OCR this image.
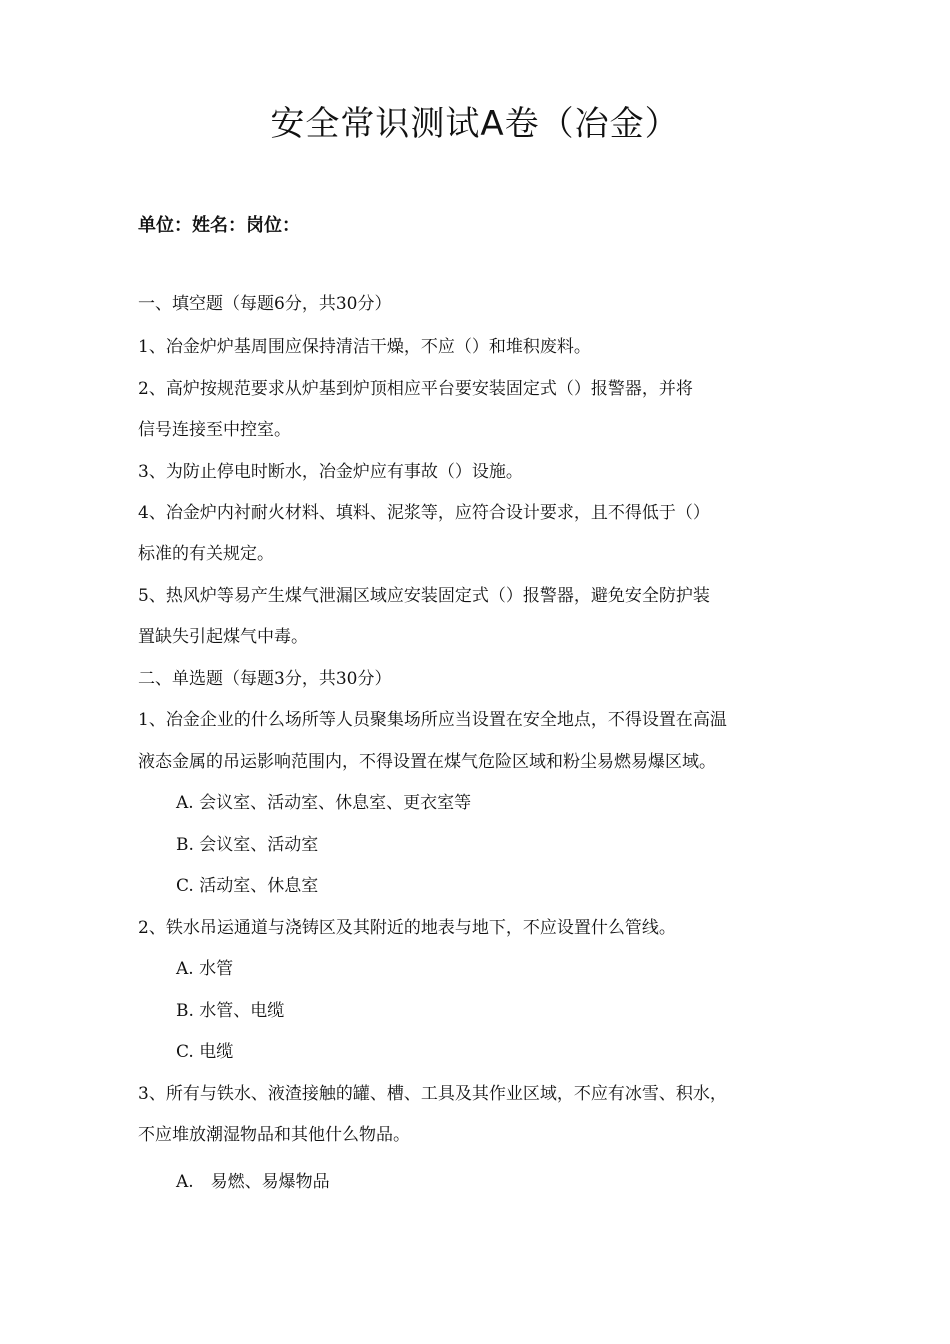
安全常识测试A卷（冶金）
单位：姓名：岗位：
一、填空题（每题6分，共30分）
1、冶金炉炉基周围应保持清洁干燥，不应（）和堆积废料。
2、高炉按规范要求从炉基到炉顶相应平台要安装固定式（）报警器，并将
信号连接至中控室。
3、为防止停电时断水，冶金炉应有事故（）设施。
4、冶金炉内衬耐火材料、填料、泥浆等，应符合设计要求，且不得低于（）
标准的有关规定。
5、热风炉等易产生煤气泄漏区域应安装固定式（）报警器，避免安全防护装
置缺失引起煤气中毒。
二、单选题（每题3分，共30分）
1、冶金企业的什么场所等人员聚集场所应当设置在安全地点，不得设置在高温
液态金属的吊运影响范围内，不得设置在煤气危险区域和粉尘易燃易爆区域。
A. 会议室、活动室、休息室、更衣室等
B. 会议室、活动室
C. 活动室、休息室
2、铁水吊运通道与浇铸区及其附近的地表与地下，不应设置什么管线。
A. 水管
B. 水管、电缆
C. 电缆
3、所有与铁水、液渣接触的罐、槽、工具及其作业区域，不应有冰雪、积水，
不应堆放潮湿物品和其他什么物品。
A.　易燃、易爆物品
